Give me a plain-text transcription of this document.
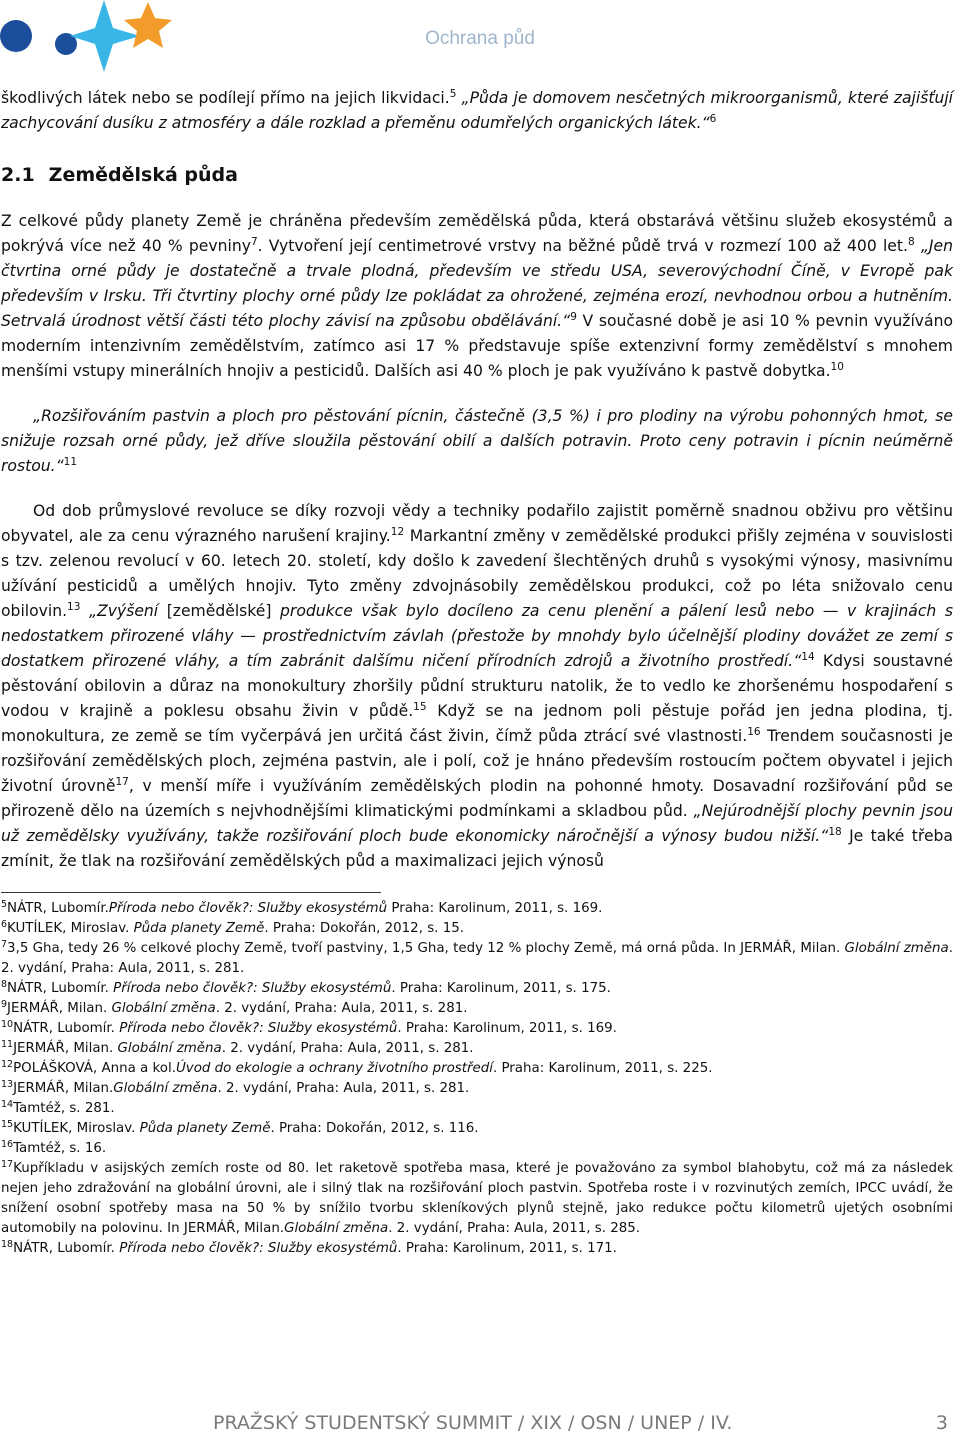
Ochrana půd

škodlivých látek nebo se podílejí přímo na jejich likvidaci.$^5$ „Půda je domovem nesčetných mikroorganismů, které zajišťují zachycování dusíku z atmosféry a dále rozklad a přeměnu odumřelých organických látek.“$^6$

2.1 Zemědělská půda

Z celkové půdy planety Země je chráněna především zemědělská půda, která obstarává většinu služeb ekosystémů a pokrývá více než 40 % pevniny$^7$. Vytvoření její centimetrové vrstvy na běžné půdě trvá v rozmezí 100 až 400 let.$^8$ „Jen čtvrtina orné půdy je dostatečně a trvale plodná, především ve středu USA, severovýchodní Číně, v Evropě pak především v Irsku. Tři čtvrtiny plochy orné půdy lze pokládat za ohrožené, zejména erozí, nevhodnou orbou a hutněním. Setrvalá úrodnost větší části této plochy závisí na způsobu obdělávání.“$^9$ V současné době je asi 10 % pevnin využíváno moderním intenzivním zemědělstvím, zatímco asi 17 % představuje spíše extenzivní formy zemědělství s mnohem menšími vstupy minerálních hnojiv a pesticidů. Dalších asi 40 % ploch je pak využíváno k pastvě dobytka.$^{10}$

„Rozšiřováním pastvin a ploch pro pěstování pícnin, částečně (3,5 %) i pro plodiny na výrobu pohonných hmot, se snižuje rozsah orné půdy, jež dříve sloužila pěstování obilí a dalších potravin. Proto ceny potravin i pícnin neúměrně rostou.“$^{11}$

Od dob průmyslové revoluce se díky rozvoji vědy a techniky podařilo zajistit poměrně snadnou obživu pro většinu obyvatel, ale za cenu výrazného narušení krajiny.$^{12}$ Markantní změny v zemědělské produkci přišly zejména v souvislosti s tzv. zelenou revolucí v 60. letech 20. století, kdy došlo k zavedení šlechtěných druhů s vysokými výnosy, masivnímu užívání pesticidů a umělých hnojiv. Tyto změny zdvojnásobily zemědělskou produkci, což po léta snižovalo cenu obilovin.$^{13}$ „Zvýšení [zemědělské] produkce však bylo docíleno za cenu plenění a pálení lesů nebo — v krajinách s nedostatkem přirozené vláhy — prostřednictvím závlah (přestože by mnohdy bylo účelnější plodiny dovážet ze zemí s dostatkem přirozené vláhy, a tím zabránit dalšímu ničení přírodních zdrojů a životního prostředí.“$^{14}$ Kdysi soustavné pěstování obilovin a důraz na monokultury zhoršily půdní strukturu natolik, že to vedlo ke zhoršenému hospodaření s vodou v krajině a poklesu obsahu živin v půdě.$^{15}$ Když se na jednom poli pěstuje pořád jen jedna plodina, tj. monokultura, ze země se tím vyčerpává jen určitá část živin, čímž půda ztrácí své vlastnosti.$^{16}$ Trendem současnosti je rozšiřování zemědělských ploch, zejména pastvin, ale i polí, což je hnáno především rostoucím počtem obyvatel i jejich životní úrovně$^{17}$, v menší míře i využíváním zemědělských plodin na pohonné hmoty. Dosavadní rozšiřování půd se přirozeně dělo na územích s nejvhodnějšími klimatickými podmínkami a skladbou půd. „Nejúrodnější plochy pevnin jsou už zemědělsky využívány, takže rozšiřování ploch bude ekonomicky náročnější a výnosy budou nižší.“$^{18}$ Je také třeba zmínit, že tlak na rozšiřování zemědělských půd a maximalizaci jejich výnosů

$^5$NÁTR, Lubomír.Příroda nebo člověk?: Služby ekosystémů Praha: Karolinum, 2011, s. 169.
$^6$KUTÍLEK, Miroslav. Půda planety Země. Praha: Dokořán, 2012, s. 15.
$^7$3,5 Gha, tedy 26 % celkové plochy Země, tvoří pastviny, 1,5 Gha, tedy 12 % plochy Země, má orná půda. In JERMÁŘ, Milan. Globální změna. 2. vydání, Praha: Aula, 2011, s. 281.
$^8$NÁTR, Lubomír. Příroda nebo člověk?: Služby ekosystémů. Praha: Karolinum, 2011, s. 175.
$^9$JERMÁŘ, Milan. Globální změna. 2. vydání, Praha: Aula, 2011, s. 281.
$^{10}$NÁTR, Lubomír. Příroda nebo člověk?: Služby ekosystémů. Praha: Karolinum, 2011, s. 169.
$^{11}$JERMÁŘ, Milan. Globální změna. 2. vydání, Praha: Aula, 2011, s. 281.
$^{12}$POLÁŠKOVÁ, Anna a kol.Úvod do ekologie a ochrany životního prostředí. Praha: Karolinum, 2011, s. 225.
$^{13}$JERMÁŘ, Milan.Globální změna. 2. vydání, Praha: Aula, 2011, s. 281.
$^{14}$Tamtéž, s. 281.
$^{15}$KUTÍLEK, Miroslav. Půda planety Země. Praha: Dokořán, 2012, s. 116.
$^{16}$Tamtéž, s. 16.
$^{17}$Kupříkladu v asijských zemích roste od 80. let raketově spotřeba masa, které je považováno za symbol blahobytu, což má za následek nejen jeho zdražování na globální úrovni, ale i silný tlak na rozšiřování ploch pastvin. Spotřeba roste i v rozvinutých zemích, IPCC uvádí, že snížení osobní spotřeby masa na 50 % by snížilo tvorbu skleníkových plynů stejně, jako redukce počtu kilometrů ujetých osobními automobily na polovinu. In JERMÁŘ, Milan.Globální změna. 2. vydání, Praha: Aula, 2011, s. 285.
$^{18}$NÁTR, Lubomír. Příroda nebo člověk?: Služby ekosystémů. Praha: Karolinum, 2011, s. 171.
PRAŽSKÝ STUDENTSKÝ SUMMIT / XIX / OSN / UNEP / IV.	3
